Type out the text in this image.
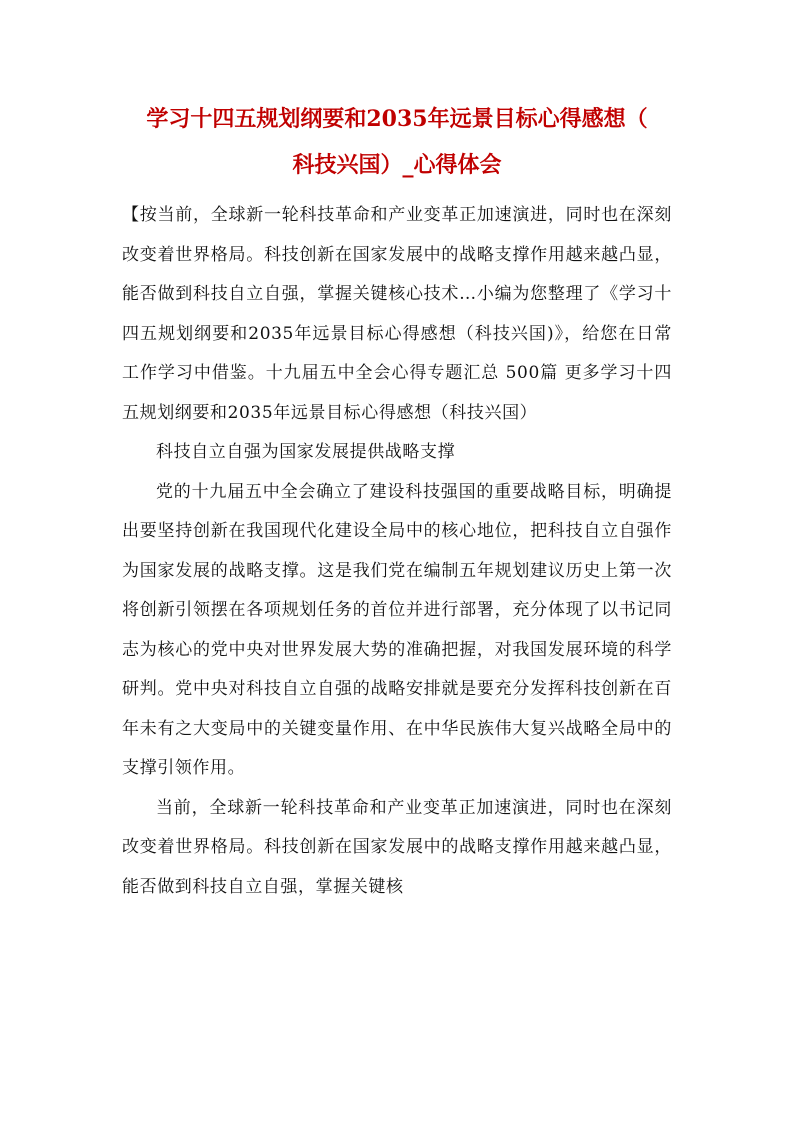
学习十四五规划纲要和2035年远景目标心得感想（
科技兴国）_心得体会

【按当前，全球新一轮科技革命和产业变革正加速演进，同时也在深刻改变着世界格局。科技创新在国家发展中的战略支撑作用越来越凸显，能否做到科技自立自强，掌握关键核心技术…小编为您整理了《学习十四五规划纲要和2035年远景目标心得感想（科技兴国)》，给您在日常工作学习中借鉴。十九届五中全会心得专题汇总 500篇 更多学习十四五规划纲要和2035年远景目标心得感想（科技兴国）

科技自立自强为国家发展提供战略支撑

党的十九届五中全会确立了建设科技强国的重要战略目标，明确提出要坚持创新在我国现代化建设全局中的核心地位，把科技自立自强作为国家发展的战略支撑。这是我们党在编制五年规划建议历史上第一次将创新引领摆在各项规划任务的首位并进行部署，充分体现了以书记同志为核心的党中央对世界发展大势的准确把握，对我国发展环境的科学研判。党中央对科技自立自强的战略安排就是要充分发挥科技创新在百年未有之大变局中的关键变量作用、在中华民族伟大复兴战略全局中的支撑引领作用。

当前，全球新一轮科技革命和产业变革正加速演进，同时也在深刻改变着世界格局。科技创新在国家发展中的战略支撑作用越来越凸显，能否做到科技自立自强，掌握关键核
